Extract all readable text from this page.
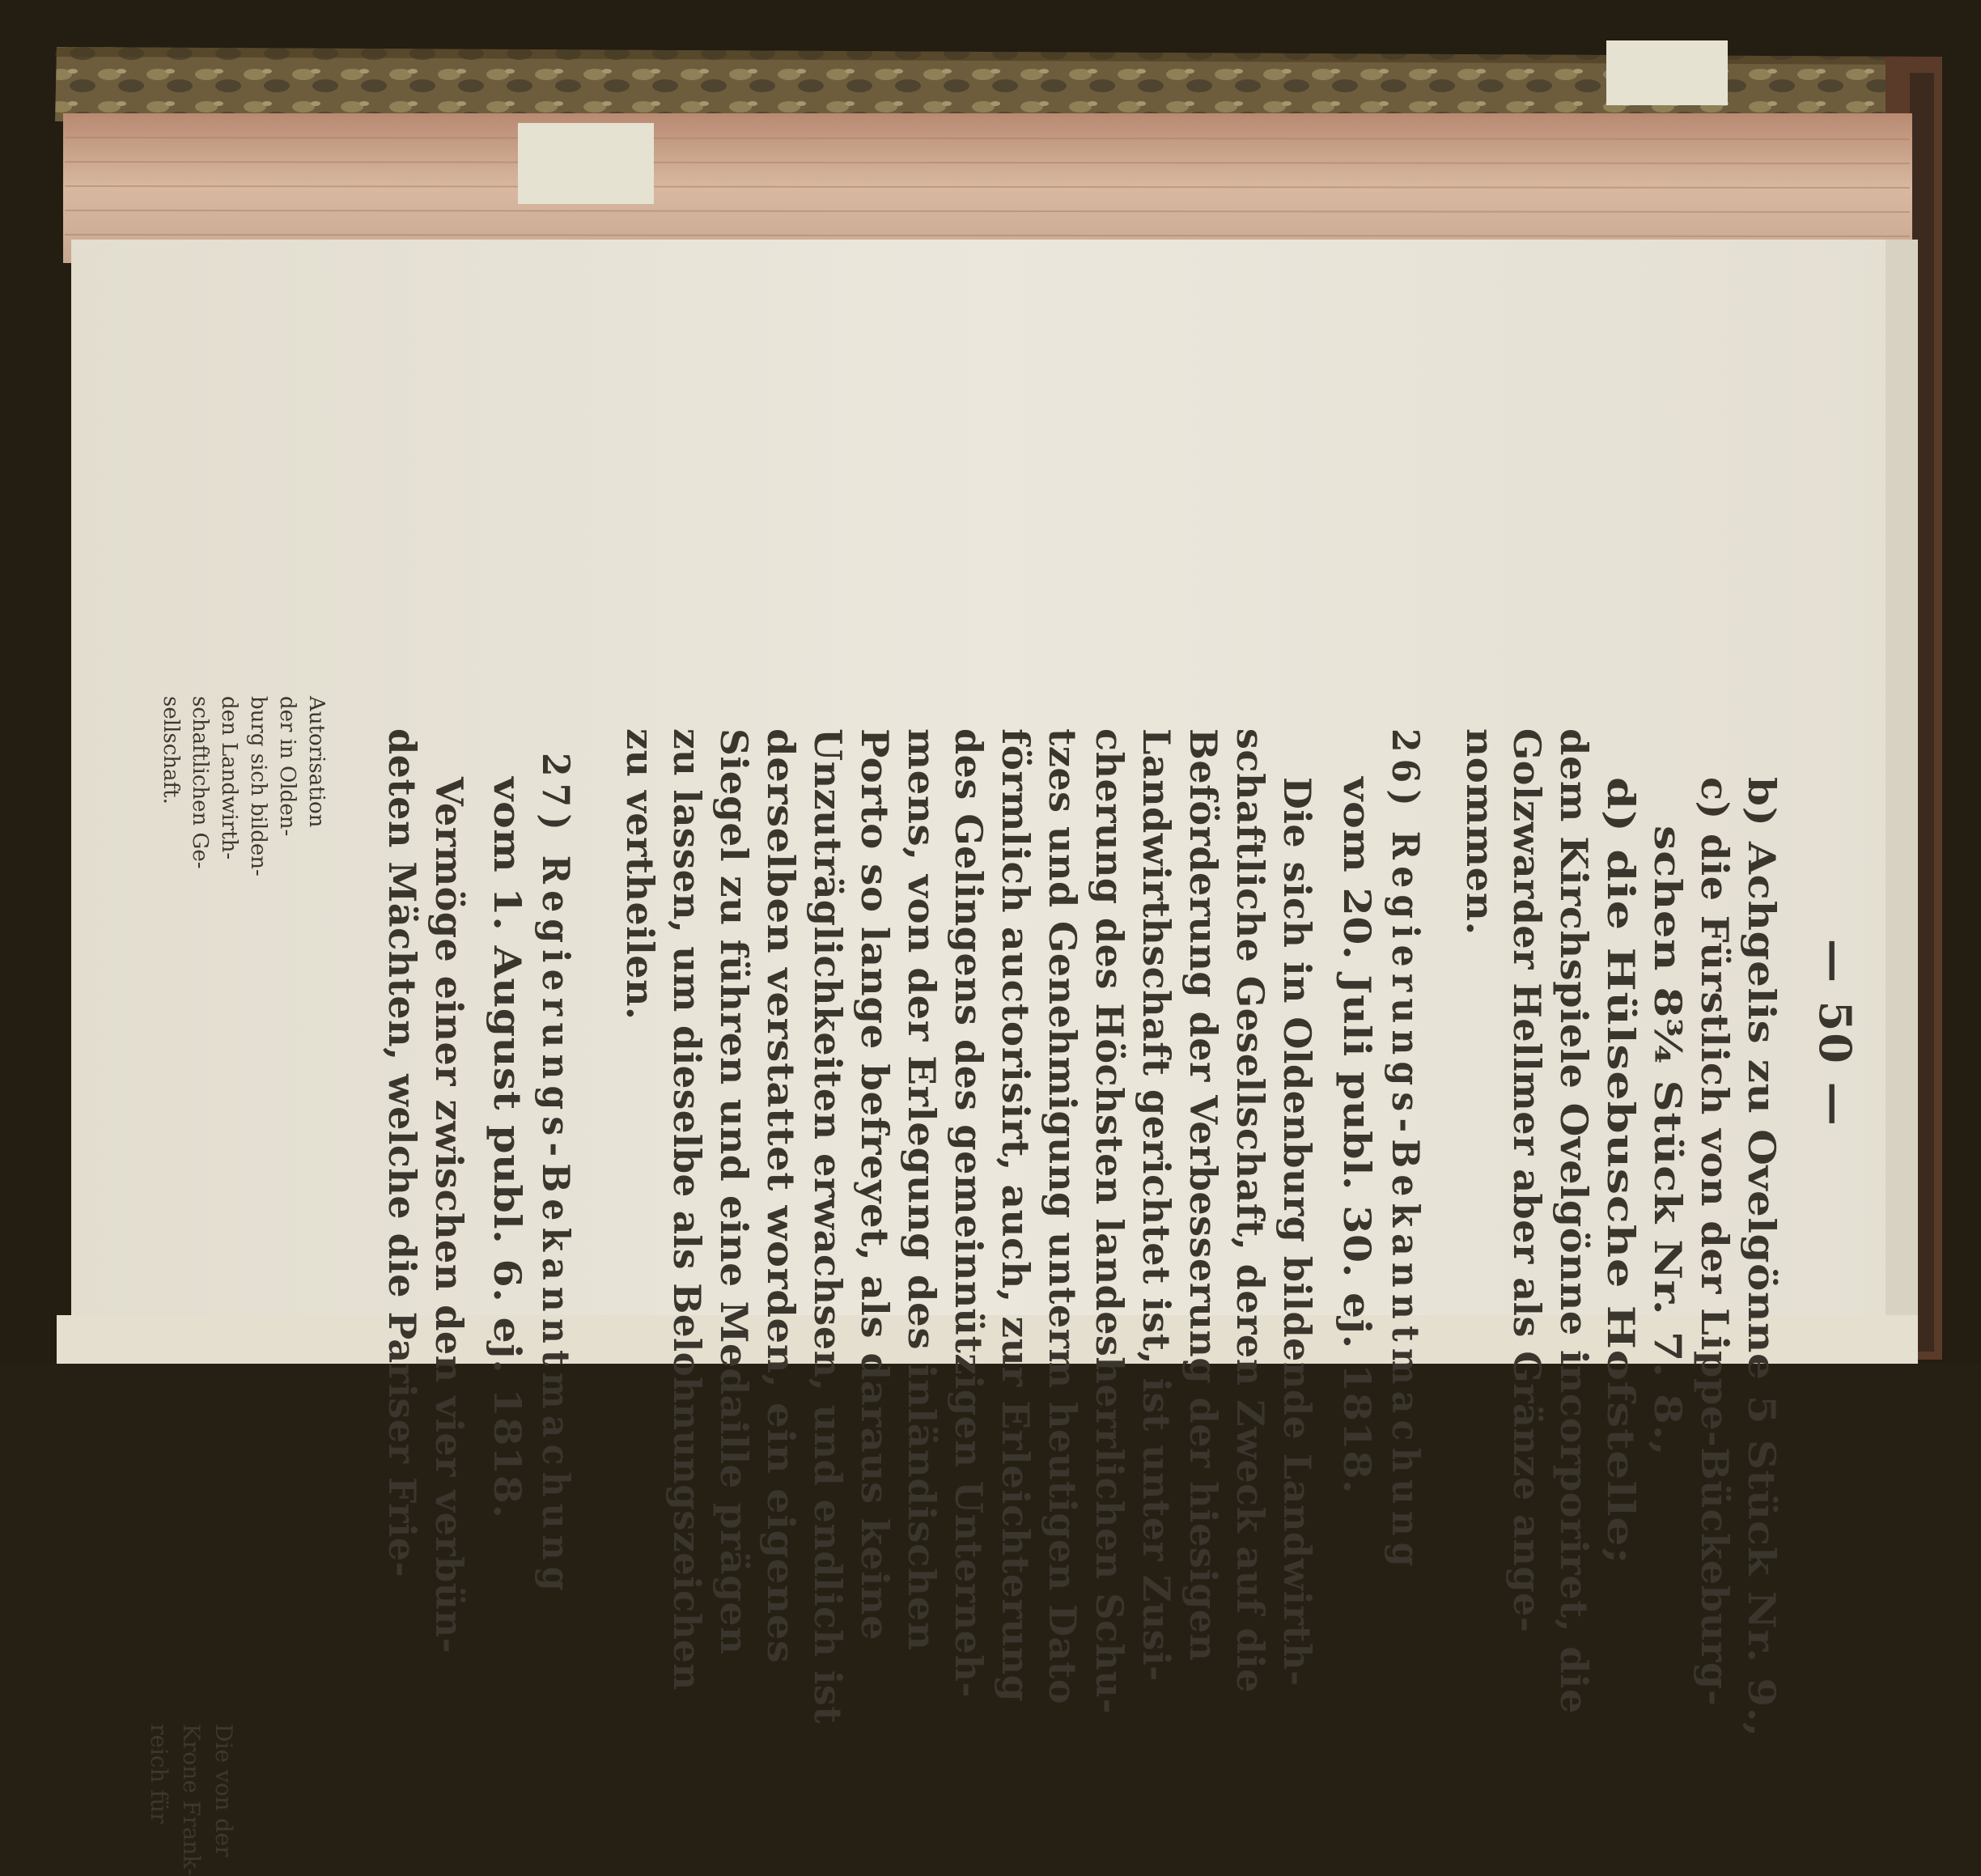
— 50 —
b) Achgelis zu Ovelgönne 5 Stück Nr. 9.,
c) die Fürstlich von der Lippe-Bückeburg-
schen 8¾ Stück Nr. 7. 8.,
d) die Hülsebusche Hofstelle;
dem Kirchspiele Ovelgönne incorporiret, die
Golzwarder Hellmer aber als Gränze ange-
nommen.
26) Regierungs-Bekanntmachung
vom 20. Juli publ. 30. ej. 1818.
Die sich in Oldenburg bildende Landwirth-
schaftliche Gesellschaft, deren Zweck auf die
Beförderung der Verbesserung der hiesigen
Landwirthschaft gerichtet ist, ist unter Zusi-
cherung des Höchsten landesherrlichen Schu-
tzes und Genehmigung unterm heutigen Dato
förmlich auctorisirt, auch, zur Erleichterung
des Gelingens des gemeinnützigen Unterneh-
mens, von der Erlegung des inländischen
Porto so lange befreyet, als daraus keine
Unzuträglichkeiten erwachsen, und endlich ist
derselben verstattet worden, ein eigenes
Siegel zu führen und eine Medaille prägen
zu lassen, um dieselbe als Belohnungszeichen
zu vertheilen.
27) Regierungs-Bekanntmachung
vom 1. August publ. 6. ej. 1818.
Vermöge einer zwischen den vier verbün-
deten Mächten, welche die Pariser Frie-
Autorisation
der in Olden-
burg sich bilden-
den Landwirth-
schaftlichen Ge-
sellschaft.
Die von der
Krone Frank-
reich für
